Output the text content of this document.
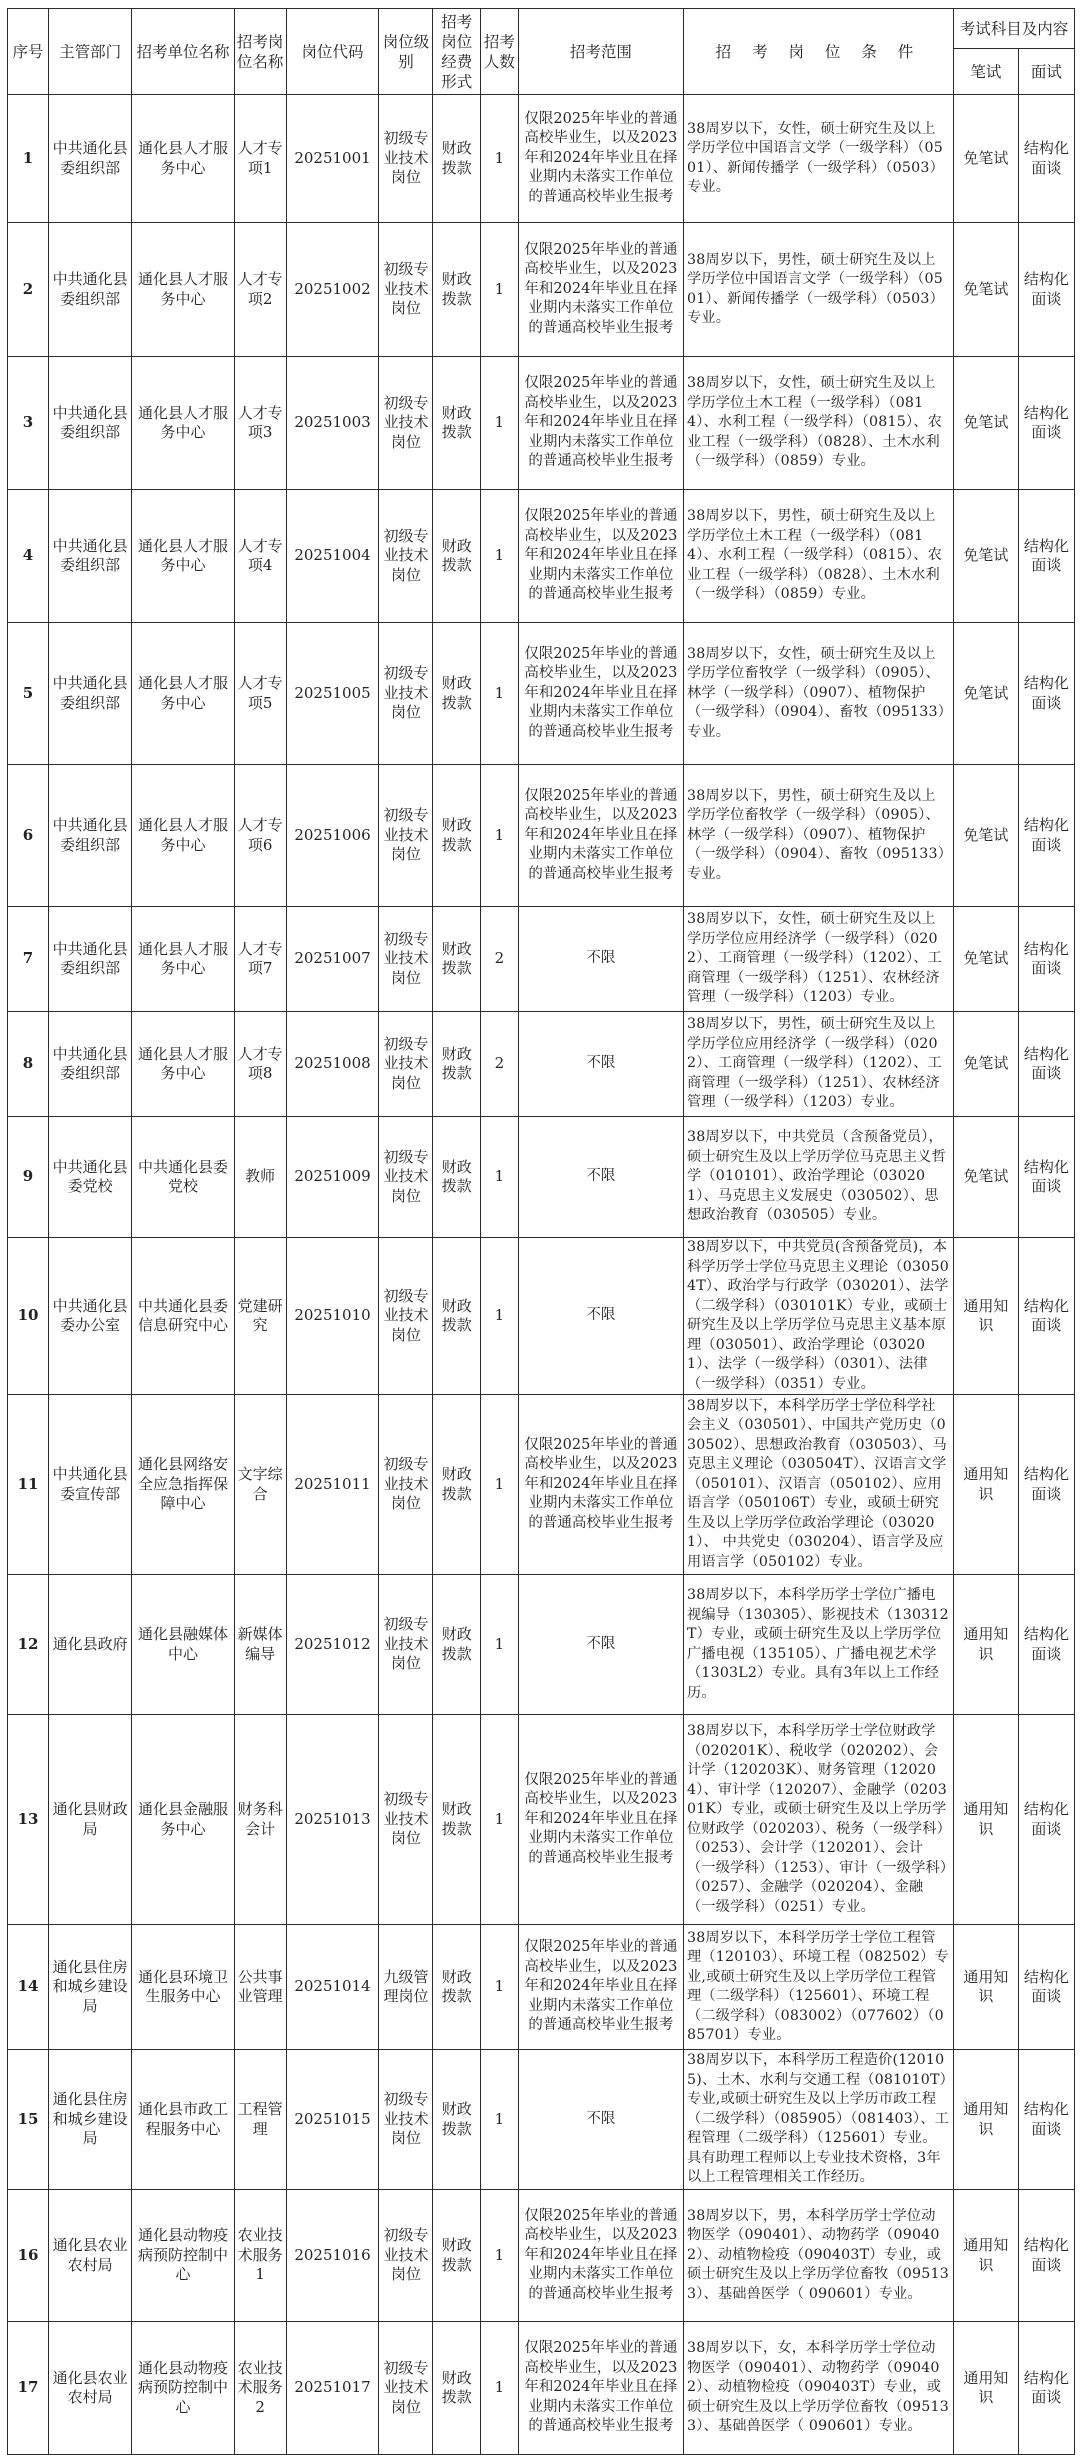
序号	主管部门	招考单位名称	招考岗位名称	岗位代码	岗位级别	招考岗位经费形式	招考人数	招考范围	招 考 岗 位 条 件	考试科目及内容	
										笔试	面试
1	中共通化县委组织部	通化县人才服务中心	人才专项1	20251001	初级专业技术岗位	财政拨款	1	仅限2025年毕业的普通高校毕业生，以及2023年和2024年毕业且在择业期内未落实工作单位的普通高校毕业生报考	38周岁以下，女性，硕士研究生及以上学历学位中国语言文学（一级学科）（0501）、新闻传播学（一级学科）（0503）专业。	免笔试	结构化面谈
2	中共通化县委组织部	通化县人才服务中心	人才专项2	20251002	初级专业技术岗位	财政拨款	1	仅限2025年毕业的普通高校毕业生，以及2023年和2024年毕业且在择业期内未落实工作单位的普通高校毕业生报考	38周岁以下，男性，硕士研究生及以上学历学位中国语言文学（一级学科）（0501）、新闻传播学（一级学科）（0503）专业。	免笔试	结构化面谈
3	中共通化县委组织部	通化县人才服务中心	人才专项3	20251003	初级专业技术岗位	财政拨款	1	仅限2025年毕业的普通高校毕业生，以及2023年和2024年毕业且在择业期内未落实工作单位的普通高校毕业生报考	38周岁以下，女性，硕士研究生及以上学历学位土木工程（一级学科）（0814）、水利工程（一级学科）（0815）、农业工程（一级学科）（0828）、土木水利（一级学科）（0859）专业。	免笔试	结构化面谈
4	中共通化县委组织部	通化县人才服务中心	人才专项4	20251004	初级专业技术岗位	财政拨款	1	仅限2025年毕业的普通高校毕业生，以及2023年和2024年毕业且在择业期内未落实工作单位的普通高校毕业生报考	38周岁以下，男性，硕士研究生及以上学历学位土木工程（一级学科）（0814）、水利工程（一级学科）（0815）、农业工程（一级学科）（0828）、土木水利（一级学科）（0859）专业。	免笔试	结构化面谈
5	中共通化县委组织部	通化县人才服务中心	人才专项5	20251005	初级专业技术岗位	财政拨款	1	仅限2025年毕业的普通高校毕业生，以及2023年和2024年毕业且在择业期内未落实工作单位的普通高校毕业生报考	38周岁以下，女性，硕士研究生及以上学历学位畜牧学（一级学科）（0905）、林学（一级学科）（0907）、植物保护（一级学科）（0904）、畜牧（095133）专业。	免笔试	结构化面谈
6	中共通化县委组织部	通化县人才服务中心	人才专项6	20251006	初级专业技术岗位	财政拨款	1	仅限2025年毕业的普通高校毕业生，以及2023年和2024年毕业且在择业期内未落实工作单位的普通高校毕业生报考	38周岁以下，男性，硕士研究生及以上学历学位畜牧学（一级学科）（0905）、林学（一级学科）（0907）、植物保护（一级学科）（0904）、畜牧（095133）专业。	免笔试	结构化面谈
7	中共通化县委组织部	通化县人才服务中心	人才专项7	20251007	初级专业技术岗位	财政拨款	2	不限	38周岁以下，女性，硕士研究生及以上学历学位应用经济学（一级学科）（0202）、工商管理（一级学科）（1202）、工商管理（一级学科）（1251）、农林经济管理（一级学科）（1203）专业。	免笔试	结构化面谈
8	中共通化县委组织部	通化县人才服务中心	人才专项8	20251008	初级专业技术岗位	财政拨款	2	不限	38周岁以下，男性，硕士研究生及以上学历学位应用经济学（一级学科）（0202）、工商管理（一级学科）（1202）、工商管理（一级学科）（1251）、农林经济管理（一级学科）（1203）专业。	免笔试	结构化面谈
9	中共通化县委党校	中共通化县委党校	教师	20251009	初级专业技术岗位	财政拨款	1	不限	38周岁以下，中共党员（含预备党员），硕士研究生及以上学历学位马克思主义哲学（010101）、政治学理论（030201）、马克思主义发展史（030502）、思想政治教育（030505）专业。	免笔试	结构化面谈
10	中共通化县委办公室	中共通化县委信息研究中心	党建研究	20251010	初级专业技术岗位	财政拨款	1	不限	38周岁以下，中共党员(含预备党员)，本科学历学士学位马克思主义理论（030504T）、政治学与行政学（030201）、法学（二级学科）（030101K）专业，或硕士研究生及以上学历学位马克思主义基本原理（030501）、政治学理论（030201）、法学（一级学科）（0301）、法律（一级学科）（0351）专业。	通用知识	结构化面谈
11	中共通化县委宣传部	通化县网络安全应急指挥保障中心	文字综合	20251011	初级专业技术岗位	财政拨款	1	仅限2025年毕业的普通高校毕业生，以及2023年和2024年毕业且在择业期内未落实工作单位的普通高校毕业生报考	38周岁以下，本科学历学士学位科学社会主义（030501）、中国共产党历史（030502）、思想政治教育（030503）、马克思主义理论（030504T）、汉语言文学（050101）、汉语言（050102）、应用语言学（050106T）专业，或硕士研究生及以上学历学位政治学理论（030201）、 中共党史（030204）、语言学及应用语言学（050102）专业。	通用知识	结构化面谈
12	通化县政府	通化县融媒体中心	新媒体编导	20251012	初级专业技术岗位	财政拨款	1	不限	38周岁以下，本科学历学士学位广播电视编导（130305）、影视技术（130312T）专业，或硕士研究生及以上学历学位广播电视（135105）、广播电视艺术学（1303L2）专业。具有3年以上工作经历。	通用知识	结构化面谈
13	通化县财政局	通化县金融服务中心	财务科会计	20251013	初级专业技术岗位	财政拨款	1	仅限2025年毕业的普通高校毕业生，以及2023年和2024年毕业且在择业期内未落实工作单位的普通高校毕业生报考	38周岁以下，本科学历学士学位财政学（020201K）、税收学（020202）、会计学（120203K）、财务管理（120204）、审计学（120207）、金融学（020301K）专业，或硕士研究生及以上学历学位财政学（020203）、税务（一级学科）（0253）、会计学（120201）、会计（一级学科）（1253）、审计（一级学科）（0257）、金融学（020204）、金融（一级学科）（0251）专业。	通用知识	结构化面谈
14	通化县住房和城乡建设局	通化县环境卫生服务中心	公共事业管理	20251014	九级管理岗位	财政拨款	1	仅限2025年毕业的普通高校毕业生，以及2023年和2024年毕业且在择业期内未落实工作单位的普通高校毕业生报考	38周岁以下，本科学历学士学位工程管理（120103）、环境工程（082502）专业,或硕士研究生及以上学历学位工程管理（二级学科）（125601）、环境工程（二级学科）（083002）（077602）（085701）专业。	通用知识	结构化面谈
15	通化县住房和城乡建设局	通化县市政工程服务中心	工程管理	20251015	初级专业技术岗位	财政拨款	1	不限	38周岁以下，本科学历工程造价(120105)、土木、水利与交通工程（081010T）专业,或硕士研究生及以上学历市政工程（二级学科）（085905）（081403）、工程管理（二级学科）（125601）专业。具有助理工程师以上专业技术资格，3年以上工程管理相关工作经历。	通用知识	结构化面谈
16	通化县农业农村局	通化县动物疫病预防控制中心	农业技术服务1	20251016	初级专业技术岗位	财政拨款	1	仅限2025年毕业的普通高校毕业生，以及2023年和2024年毕业且在择业期内未落实工作单位的普通高校毕业生报考	38周岁以下，男，本科学历学士学位动物医学（090401）、动物药学（090402）、动植物检疫（090403T）专业，或硕士研究生及以上学历学位畜牧（095133）、基础兽医学（ 090601）专业。	通用知识	结构化面谈
17	通化县农业农村局	通化县动物疫病预防控制中心	农业技术服务2	20251017	初级专业技术岗位	财政拨款	1	仅限2025年毕业的普通高校毕业生，以及2023年和2024年毕业且在择业期内未落实工作单位的普通高校毕业生报考	38周岁以下，女，本科学历学士学位动物医学（090401）、动物药学（090402）、动植物检疫（090403T）专业，或硕士研究生及以上学历学位畜牧（095133）、基础兽医学（ 090601）专业。	通用知识	结构化面谈
